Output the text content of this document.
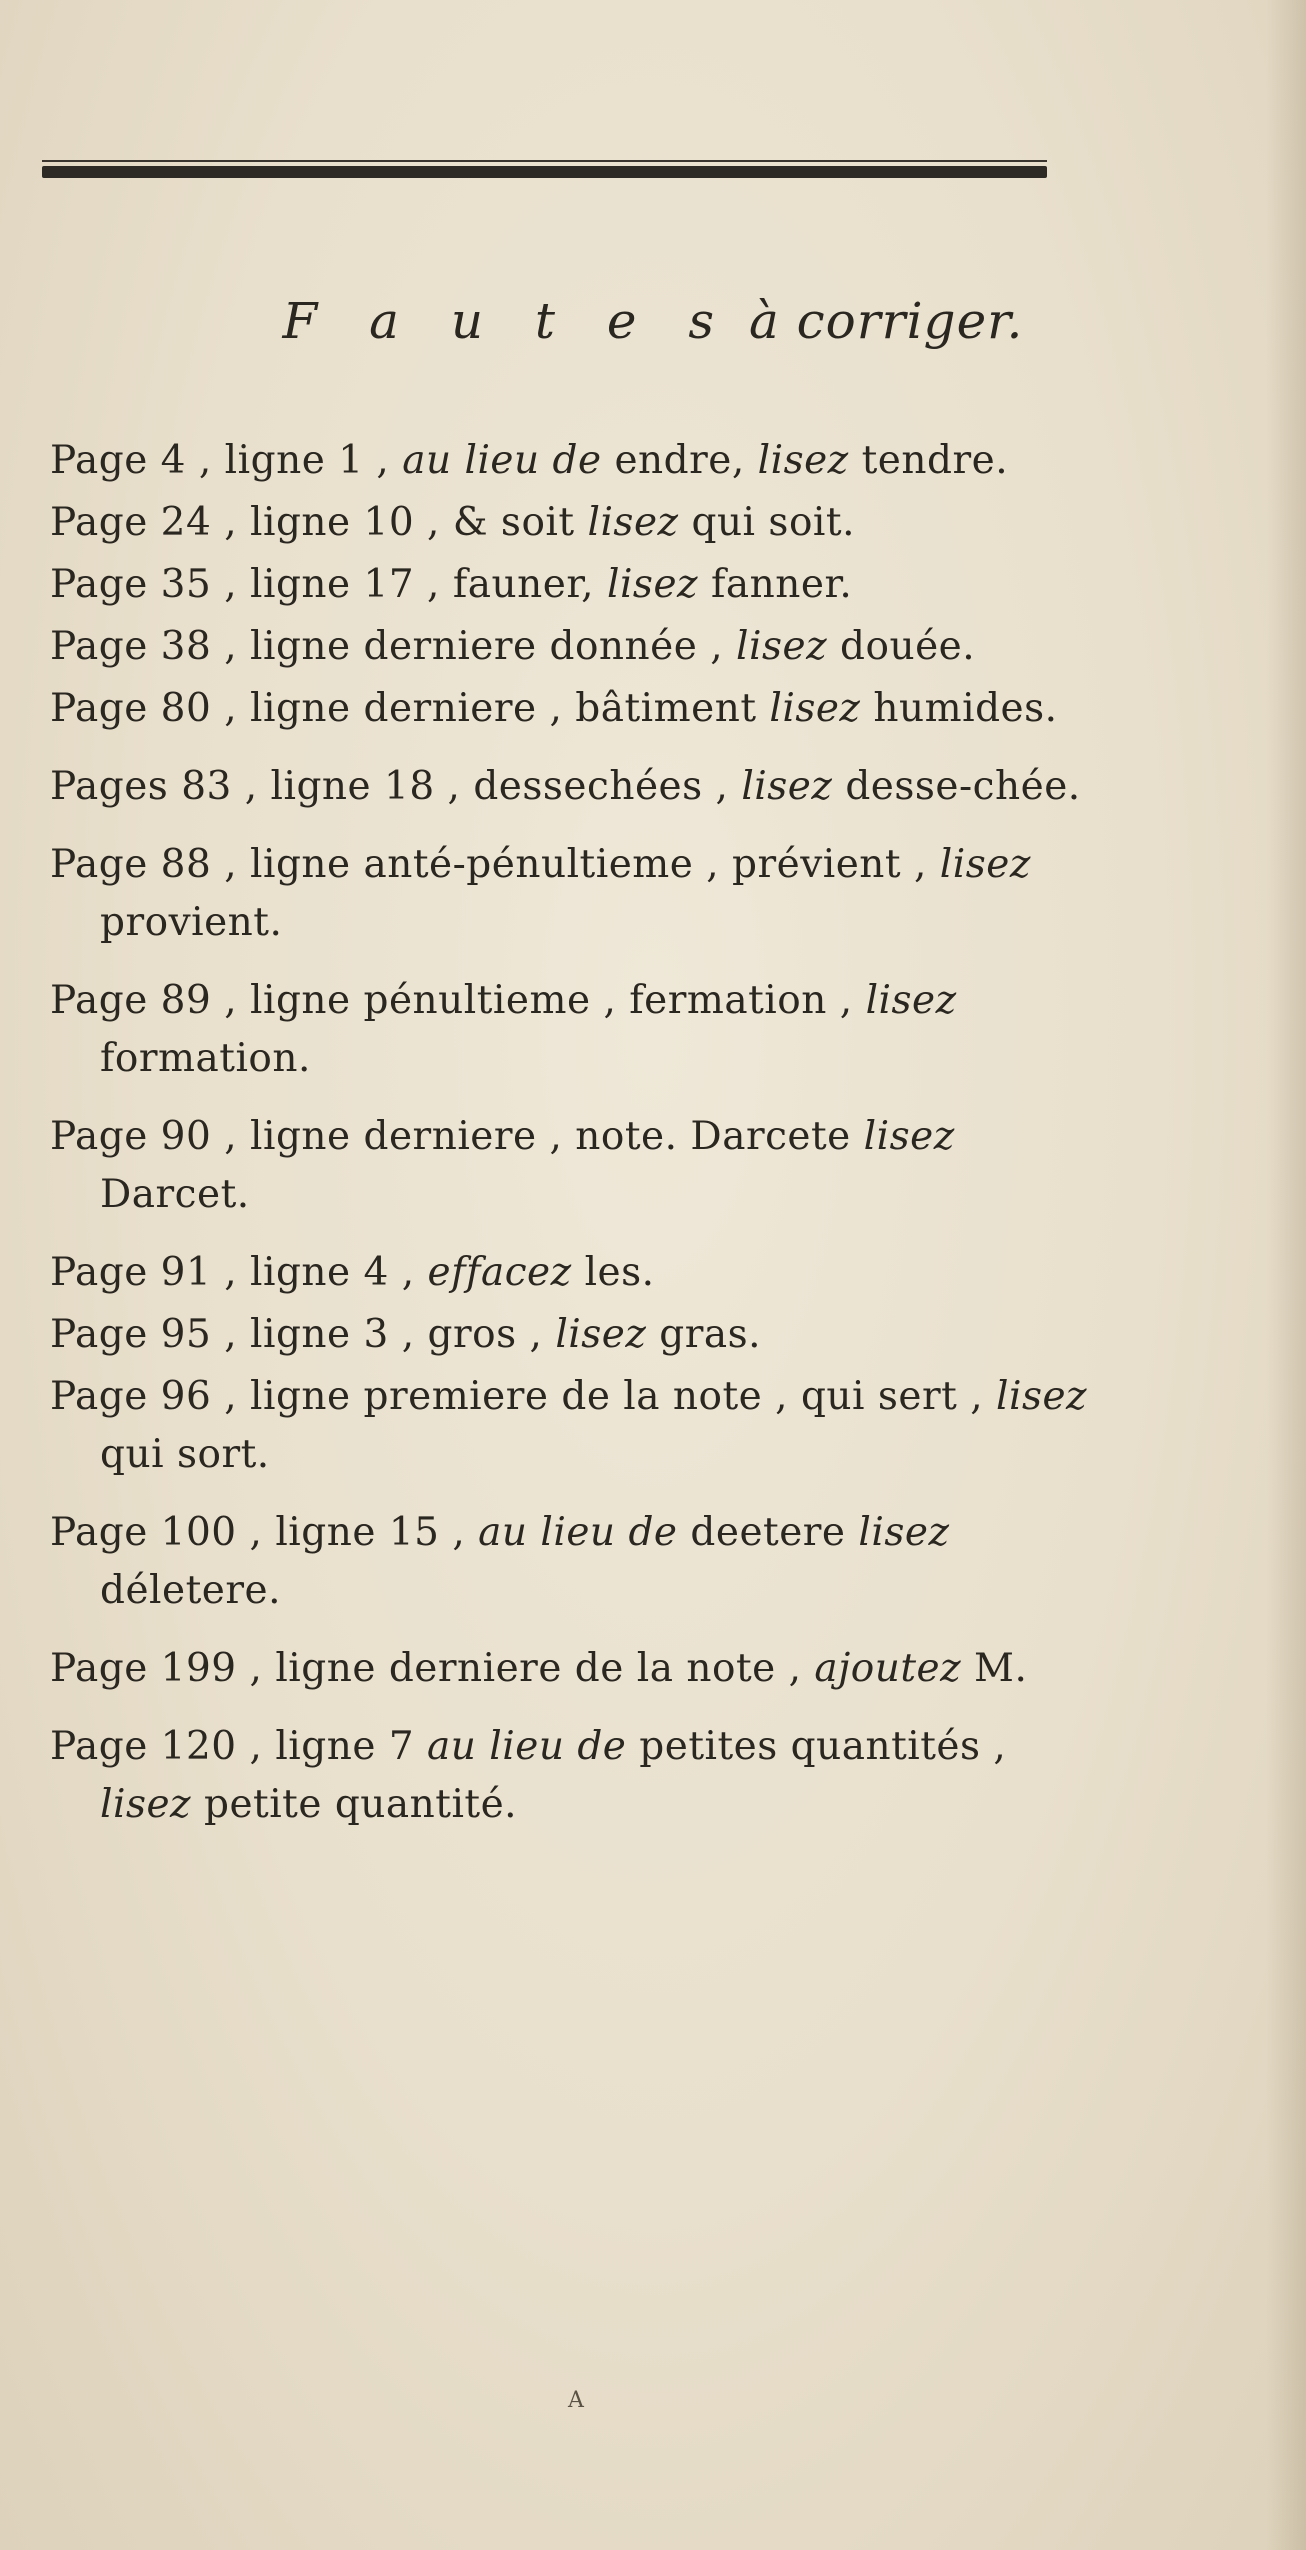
F a u t e s à corriger.
Page 4 , ligne 1 , au lieu de endre, lisez tendre.
Page 24 , ligne 10 , & soit lisez qui soit.
Page 35 , ligne 17 , fauner, lisez fanner.
Page 38 , ligne derniere donnée , lisez douée.
Page 80 , ligne derniere , bâtiment lisez humides.
Pages 83 , ligne 18 , dessechées , lisez desse-chée.
Page 88 , ligne anté-pénultieme , prévient , lisez provient.
Page 89 , ligne pénultieme , fermation , lisez formation.
Page 90 , ligne derniere , note. Darcete lisez Darcet.
Page 91 , ligne 4 , effacez les.
Page 95 , ligne 3 , gros , lisez gras.
Page 96 , ligne premiere de la note , qui sert , lisez qui sort.
Page 100 , ligne 15 , au lieu de deetere lisez déletere.
Page 199 , ligne derniere de la note , ajoutez M.
Page 120 , ligne 7 au lieu de petites quantités , lisez petite quantité.
A
